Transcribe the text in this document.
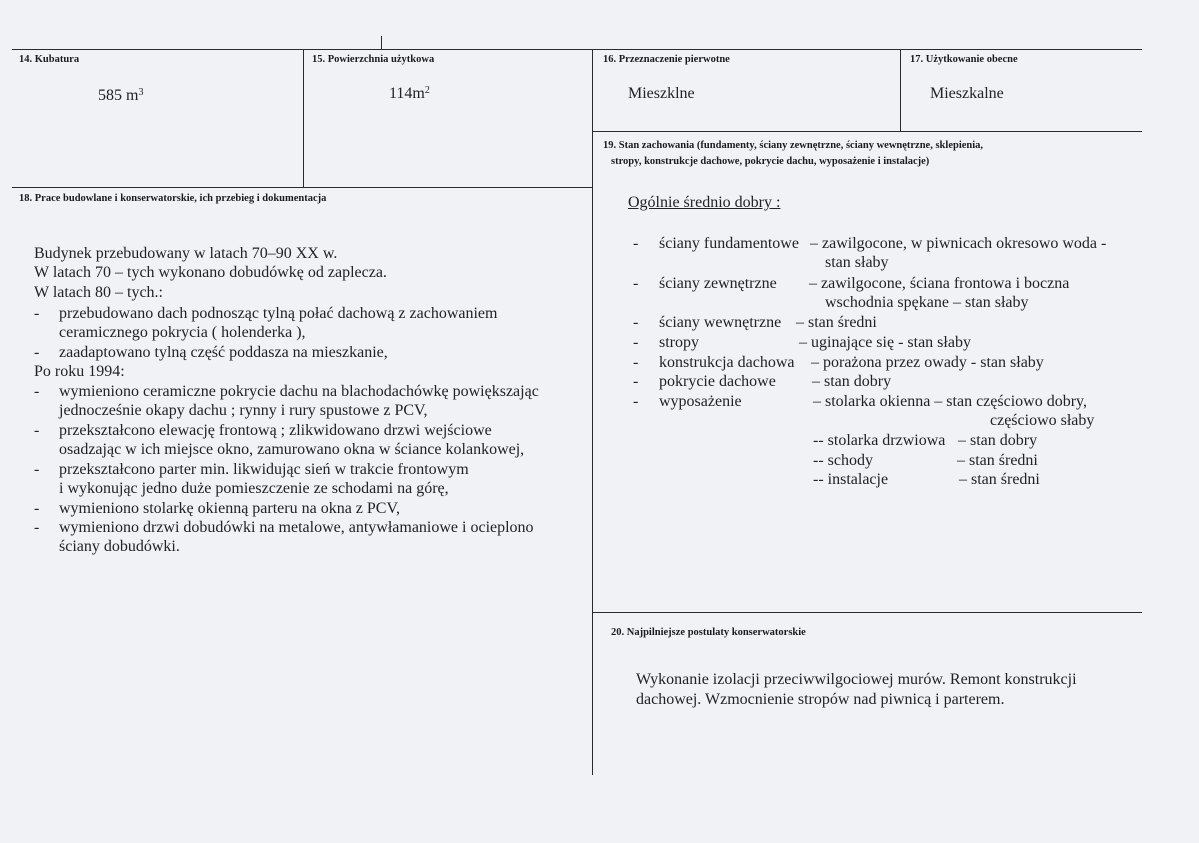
14. Kubatura
585 $m^3$
15. Powierzchnia użytkowa
$114m^2$
16. Przeznaczenie pierwotne
Mieszklne
17. Użytkowanie obecne
Mieszkalne
18. Prace budowlane i konserwatorskie, ich przebieg i dokumentacja
Budynek przebudowany w latach 70–90 XX w.
W latach 70 – tych wykonano dobudówkę od zaplecza.
W latach 80 – tych.:
- przebudowano dach podnosząc tylną połać dachową z zachowaniem
ceramicznego pokrycia ( holenderka ),
- zaadaptowano tylną część poddasza na mieszkanie,
Po roku 1994:
- wymieniono ceramiczne pokrycie dachu na blachodachówkę powiększając
jednocześnie okapy dachu ; rynny i rury spustowe z PCV,
- przekształcono elewację frontową ; zlikwidowano drzwi wejściowe
osadzając w ich miejsce okno, zamurowano okna w ściance kolankowej,
- przekształcono parter min. likwidując sień w trakcie frontowym
i wykonując jedno duże pomieszczenie ze schodami na górę,
- wymieniono stolarkę okienną parteru na okna z PCV,
- wymieniono drzwi dobudówki na metalowe, antywłamaniowe i ocieplono
ściany dobudówki.
19. Stan zachowania (fundamenty, ściany zewnętrzne, ściany wewnętrzne, sklepienia,
stropy, konstrukcje dachowe, pokrycie dachu, wyposażenie i instalacje)
Ogólnie średnio dobry :
- ściany fundamentowe – zawilgocone, w piwnicach okresowo woda -
stan słaby
- ściany zewnętrzne – zawilgocone, ściana frontowa i boczna
wschodnia spękane – stan słaby
- ściany wewnętrzne – stan średni
- stropy	– uginające się - stan słaby
- konstrukcja dachowa – porażona przez owady - stan słaby
- pokrycie dachowe – stan dobry
- wyposażenie	– stolarka okienna – stan częściowo dobry,
częściowo słaby
-- stolarka drzwiowa – stan dobry
-- schody	– stan średni
-- instalacje	– stan średni
20. Najpilniejsze postulaty konserwatorskie
Wykonanie izolacji przeciwwilgociowej murów. Remont konstrukcji
dachowej. Wzmocnienie stropów nad piwnicą i parterem.
